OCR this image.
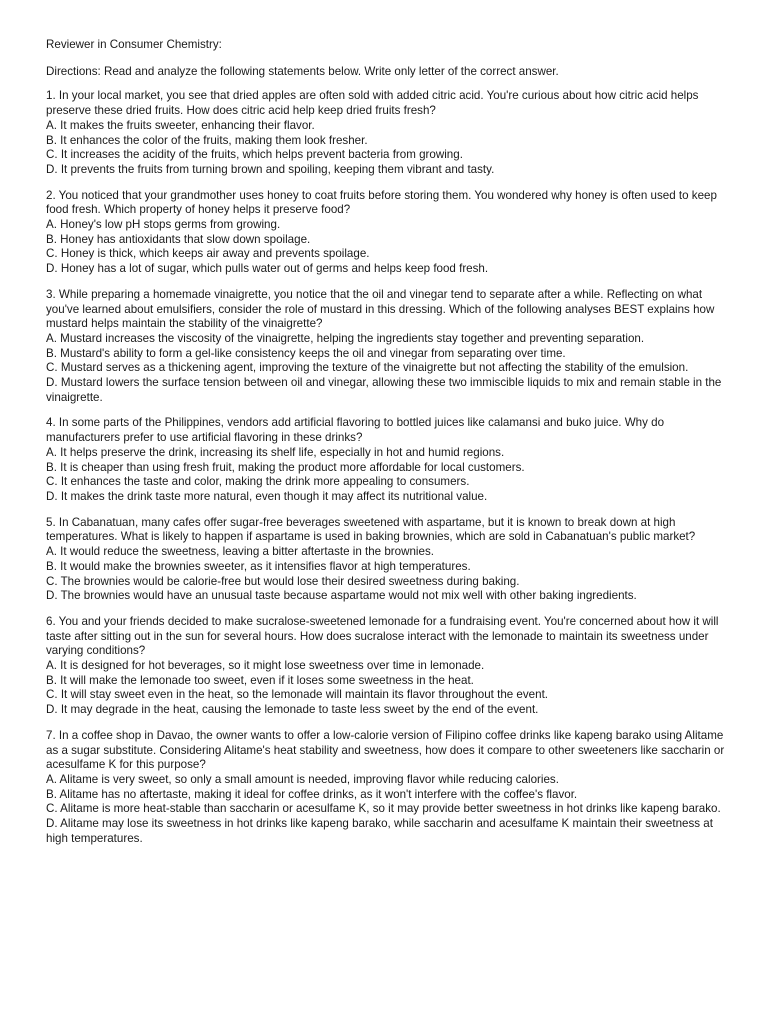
Reviewer in Consumer Chemistry:

Directions: Read and analyze the following statements below. Write only letter of the correct answer.

1. In your local market, you see that dried apples are often sold with added citric acid. You're curious about how citric acid helps preserve these dried fruits. How does citric acid help keep dried fruits fresh?

A. It makes the fruits sweeter, enhancing their flavor.

B. It enhances the color of the fruits, making them look fresher.

C. It increases the acidity of the fruits, which helps prevent bacteria from growing.

D. It prevents the fruits from turning brown and spoiling, keeping them vibrant and tasty.

2. You noticed that your grandmother uses honey to coat fruits before storing them. You wondered why honey is often used to keep food fresh. Which property of honey helps it preserve food?

A. Honey's low pH stops germs from growing.

B. Honey has antioxidants that slow down spoilage.

C. Honey is thick, which keeps air away and prevents spoilage.

D. Honey has a lot of sugar, which pulls water out of germs and helps keep food fresh.

3. While preparing a homemade vinaigrette, you notice that the oil and vinegar tend to separate after a while. Reflecting on what you've learned about emulsifiers, consider the role of mustard in this dressing. Which of the following analyses BEST explains how mustard helps maintain the stability of the vinaigrette?

A. Mustard increases the viscosity of the vinaigrette, helping the ingredients stay together and preventing separation.

B. Mustard's ability to form a gel-like consistency keeps the oil and vinegar from separating over time.

C. Mustard serves as a thickening agent, improving the texture of the vinaigrette but not affecting the stability of the emulsion.

D. Mustard lowers the surface tension between oil and vinegar, allowing these two immiscible liquids to mix and remain stable in the vinaigrette.

4. In some parts of the Philippines, vendors add artificial flavoring to bottled juices like calamansi and buko juice. Why do manufacturers prefer to use artificial flavoring in these drinks?

A. It helps preserve the drink, increasing its shelf life, especially in hot and humid regions.

B. It is cheaper than using fresh fruit, making the product more affordable for local customers.

C. It enhances the taste and color, making the drink more appealing to consumers.

D. It makes the drink taste more natural, even though it may affect its nutritional value.

5. In Cabanatuan, many cafes offer sugar-free beverages sweetened with aspartame, but it is known to break down at high temperatures. What is likely to happen if aspartame is used in baking brownies, which are sold in Cabanatuan's public market?

A. It would reduce the sweetness, leaving a bitter aftertaste in the brownies.

B. It would make the brownies sweeter, as it intensifies flavor at high temperatures.

C. The brownies would be calorie-free but would lose their desired sweetness during baking.

D. The brownies would have an unusual taste because aspartame would not mix well with other baking ingredients.

6. You and your friends decided to make sucralose-sweetened lemonade for a fundraising event. You're concerned about how it will taste after sitting out in the sun for several hours. How does sucralose interact with the lemonade to maintain its sweetness under varying conditions?

A. It is designed for hot beverages, so it might lose sweetness over time in lemonade.

B. It will make the lemonade too sweet, even if it loses some sweetness in the heat.

C. It will stay sweet even in the heat, so the lemonade will maintain its flavor throughout the event.

D. It may degrade in the heat, causing the lemonade to taste less sweet by the end of the event.

7. In a coffee shop in Davao, the owner wants to offer a low-calorie version of Filipino coffee drinks like kapeng barako using Alitame as a sugar substitute. Considering Alitame's heat stability and sweetness, how does it compare to other sweeteners like saccharin or acesulfame K for this purpose?

A. Alitame is very sweet, so only a small amount is needed, improving flavor while reducing calories.

B. Alitame has no aftertaste, making it ideal for coffee drinks, as it won't interfere with the coffee's flavor.

C. Alitame is more heat-stable than saccharin or acesulfame K, so it may provide better sweetness in hot drinks like kapeng barako.

D. Alitame may lose its sweetness in hot drinks like kapeng barako, while saccharin and acesulfame K maintain their sweetness at high temperatures.
